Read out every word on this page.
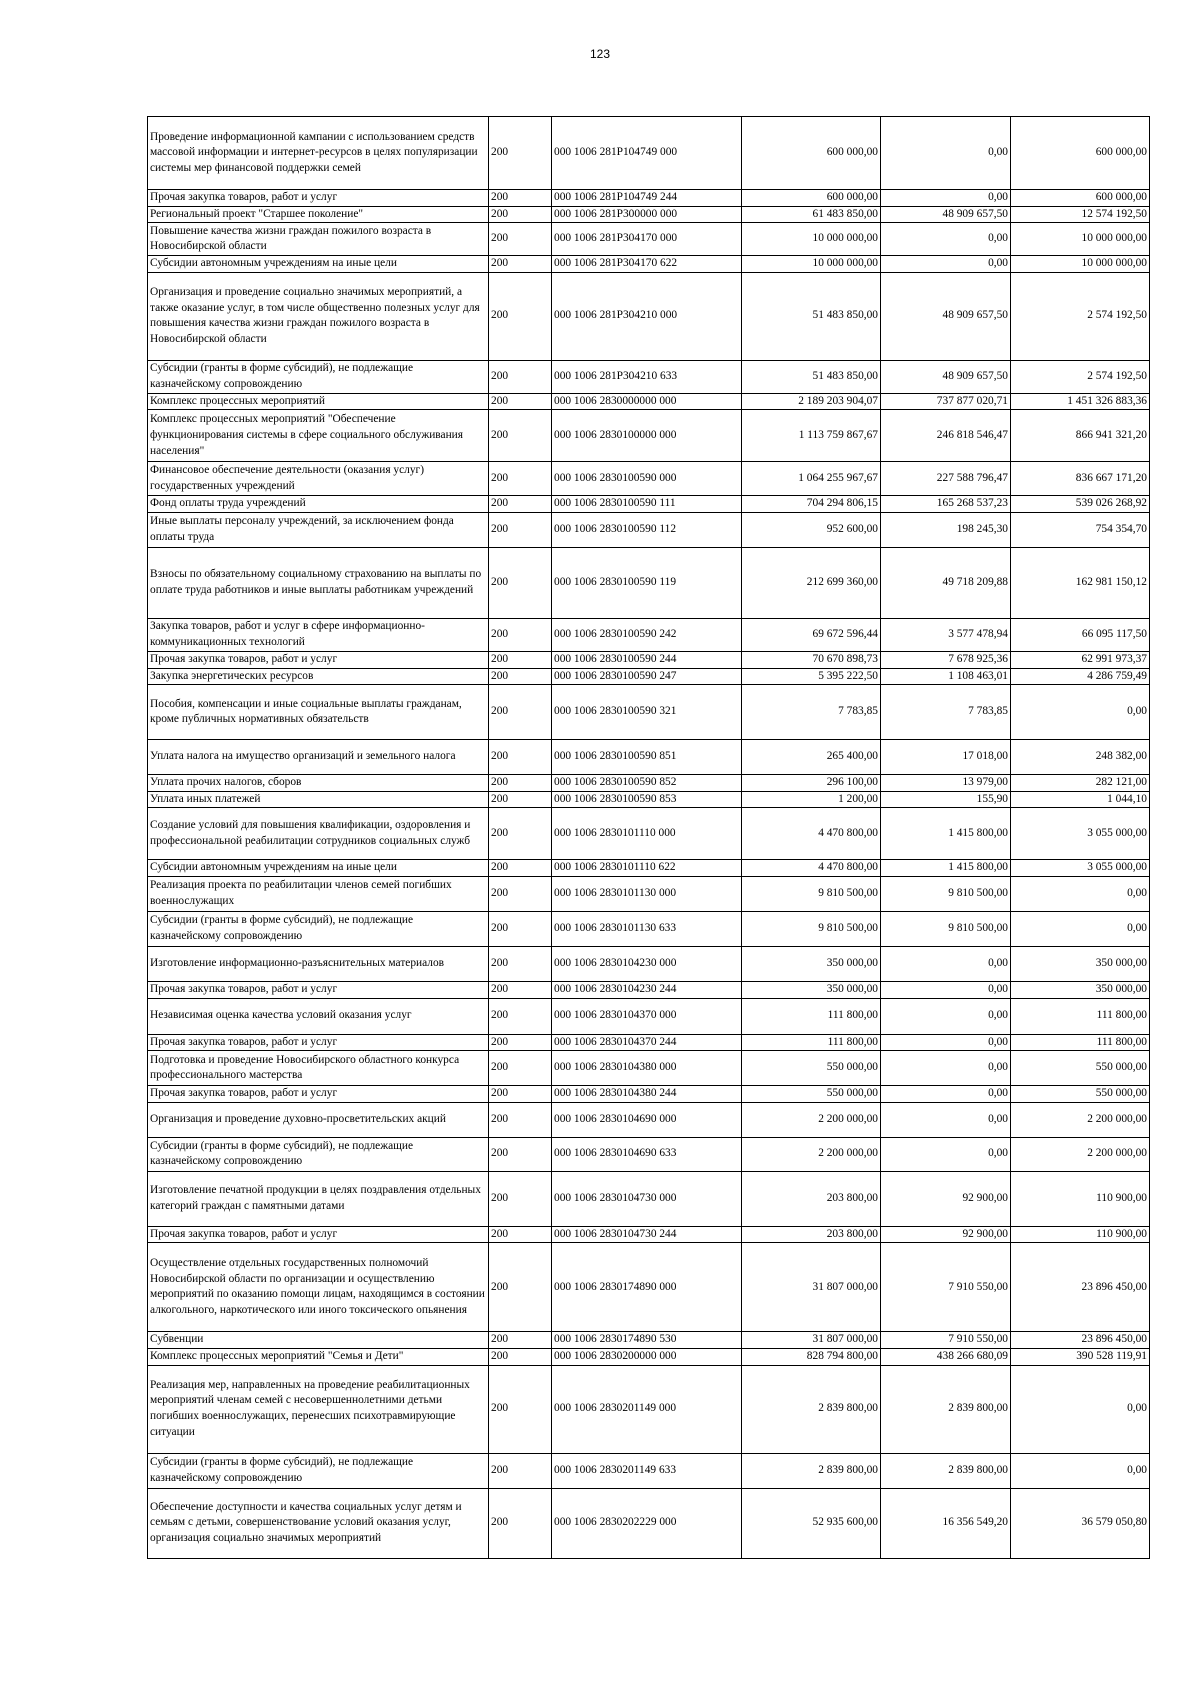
123
Проведение информационной кампании с использованием средств массовой информации и интернет-ресурсов в целях популяризации системы мер финансовой поддержки семей	200	000 1006 281P104749 000	600 000,00	0,00	600 000,00
Прочая закупка товаров, работ и услуг	200	000 1006 281P104749 244	600 000,00	0,00	600 000,00
Региональный проект "Старшее поколение"	200	000 1006 281P300000 000	61 483 850,00	48 909 657,50	12 574 192,50
Повышение качества жизни граждан пожилого возраста в Новосибирской области	200	000 1006 281P304170 000	10 000 000,00	0,00	10 000 000,00
Субсидии автономным учреждениям на иные цели	200	000 1006 281P304170 622	10 000 000,00	0,00	10 000 000,00
Организация и проведение социально значимых мероприятий, а также оказание услуг, в том числе общественно полезных услуг для повышения качества жизни граждан пожилого возраста в Новосибирской области	200	000 1006 281P304210 000	51 483 850,00	48 909 657,50	2 574 192,50
Субсидии (гранты в форме субсидий), не подлежащие казначейскому сопровождению	200	000 1006 281P304210 633	51 483 850,00	48 909 657,50	2 574 192,50
Комплекс процессных мероприятий	200	000 1006 2830000000 000	2 189 203 904,07	737 877 020,71	1 451 326 883,36
Комплекс процессных мероприятий "Обеспечение функционирования системы в сфере социального обслуживания населения"	200	000 1006 2830100000 000	1 113 759 867,67	246 818 546,47	866 941 321,20
Финансовое обеспечение деятельности (оказания услуг) государственных учреждений	200	000 1006 2830100590 000	1 064 255 967,67	227 588 796,47	836 667 171,20
Фонд оплаты труда учреждений	200	000 1006 2830100590 111	704 294 806,15	165 268 537,23	539 026 268,92
Иные выплаты персоналу учреждений, за исключением фонда оплаты труда	200	000 1006 2830100590 112	952 600,00	198 245,30	754 354,70
Взносы по обязательному социальному страхованию на выплаты по оплате труда работников и иные выплаты работникам учреждений	200	000 1006 2830100590 119	212 699 360,00	49 718 209,88	162 981 150,12
Закупка товаров, работ и услуг в сфере информационно-коммуникационных технологий	200	000 1006 2830100590 242	69 672 596,44	3 577 478,94	66 095 117,50
Прочая закупка товаров, работ и услуг	200	000 1006 2830100590 244	70 670 898,73	7 678 925,36	62 991 973,37
Закупка энергетических ресурсов	200	000 1006 2830100590 247	5 395 222,50	1 108 463,01	4 286 759,49
Пособия, компенсации и иные социальные выплаты гражданам, кроме публичных нормативных обязательств	200	000 1006 2830100590 321	7 783,85	7 783,85	0,00
Уплата налога на имущество организаций и земельного налога	200	000 1006 2830100590 851	265 400,00	17 018,00	248 382,00
Уплата прочих налогов, сборов	200	000 1006 2830100590 852	296 100,00	13 979,00	282 121,00
Уплата иных платежей	200	000 1006 2830100590 853	1 200,00	155,90	1 044,10
Создание условий для повышения квалификации, оздоровления и профессиональной реабилитации сотрудников социальных служб	200	000 1006 2830101110 000	4 470 800,00	1 415 800,00	3 055 000,00
Субсидии автономным учреждениям на иные цели	200	000 1006 2830101110 622	4 470 800,00	1 415 800,00	3 055 000,00
Реализация проекта по реабилитации членов семей погибших военнослужащих	200	000 1006 2830101130 000	9 810 500,00	9 810 500,00	0,00
Субсидии (гранты в форме субсидий), не подлежащие казначейскому сопровождению	200	000 1006 2830101130 633	9 810 500,00	9 810 500,00	0,00
Изготовление информационно-разъяснительных материалов	200	000 1006 2830104230 000	350 000,00	0,00	350 000,00
Прочая закупка товаров, работ и услуг	200	000 1006 2830104230 244	350 000,00	0,00	350 000,00
Независимая оценка качества условий оказания услуг	200	000 1006 2830104370 000	111 800,00	0,00	111 800,00
Прочая закупка товаров, работ и услуг	200	000 1006 2830104370 244	111 800,00	0,00	111 800,00
Подготовка и проведение Новосибирского областного конкурса профессионального мастерства	200	000 1006 2830104380 000	550 000,00	0,00	550 000,00
Прочая закупка товаров, работ и услуг	200	000 1006 2830104380 244	550 000,00	0,00	550 000,00
Организация и проведение духовно-просветительских акций	200	000 1006 2830104690 000	2 200 000,00	0,00	2 200 000,00
Субсидии (гранты в форме субсидий), не подлежащие казначейскому сопровождению	200	000 1006 2830104690 633	2 200 000,00	0,00	2 200 000,00
Изготовление печатной продукции в целях поздравления отдельных категорий граждан с памятными датами	200	000 1006 2830104730 000	203 800,00	92 900,00	110 900,00
Прочая закупка товаров, работ и услуг	200	000 1006 2830104730 244	203 800,00	92 900,00	110 900,00
Осуществление отдельных государственных полномочий Новосибирской области по организации и осуществлению мероприятий по оказанию помощи лицам, находящимся в состоянии алкогольного, наркотического или иного токсического опьянения	200	000 1006 2830174890 000	31 807 000,00	7 910 550,00	23 896 450,00
Субвенции	200	000 1006 2830174890 530	31 807 000,00	7 910 550,00	23 896 450,00
Комплекс процессных мероприятий "Семья и Дети"	200	000 1006 2830200000 000	828 794 800,00	438 266 680,09	390 528 119,91
Реализация мер, направленных на проведение реабилитационных мероприятий членам семей с несовершеннолетними детьми погибших военнослужащих, перенесших психотравмирующие ситуации	200	000 1006 2830201149 000	2 839 800,00	2 839 800,00	0,00
Субсидии (гранты в форме субсидий), не подлежащие казначейскому сопровождению	200	000 1006 2830201149 633	2 839 800,00	2 839 800,00	0,00
Обеспечение доступности и качества социальных услуг детям и семьям с детьми, совершенствование условий оказания услуг, организация социально значимых мероприятий	200	000 1006 2830202229 000	52 935 600,00	16 356 549,20	36 579 050,80
